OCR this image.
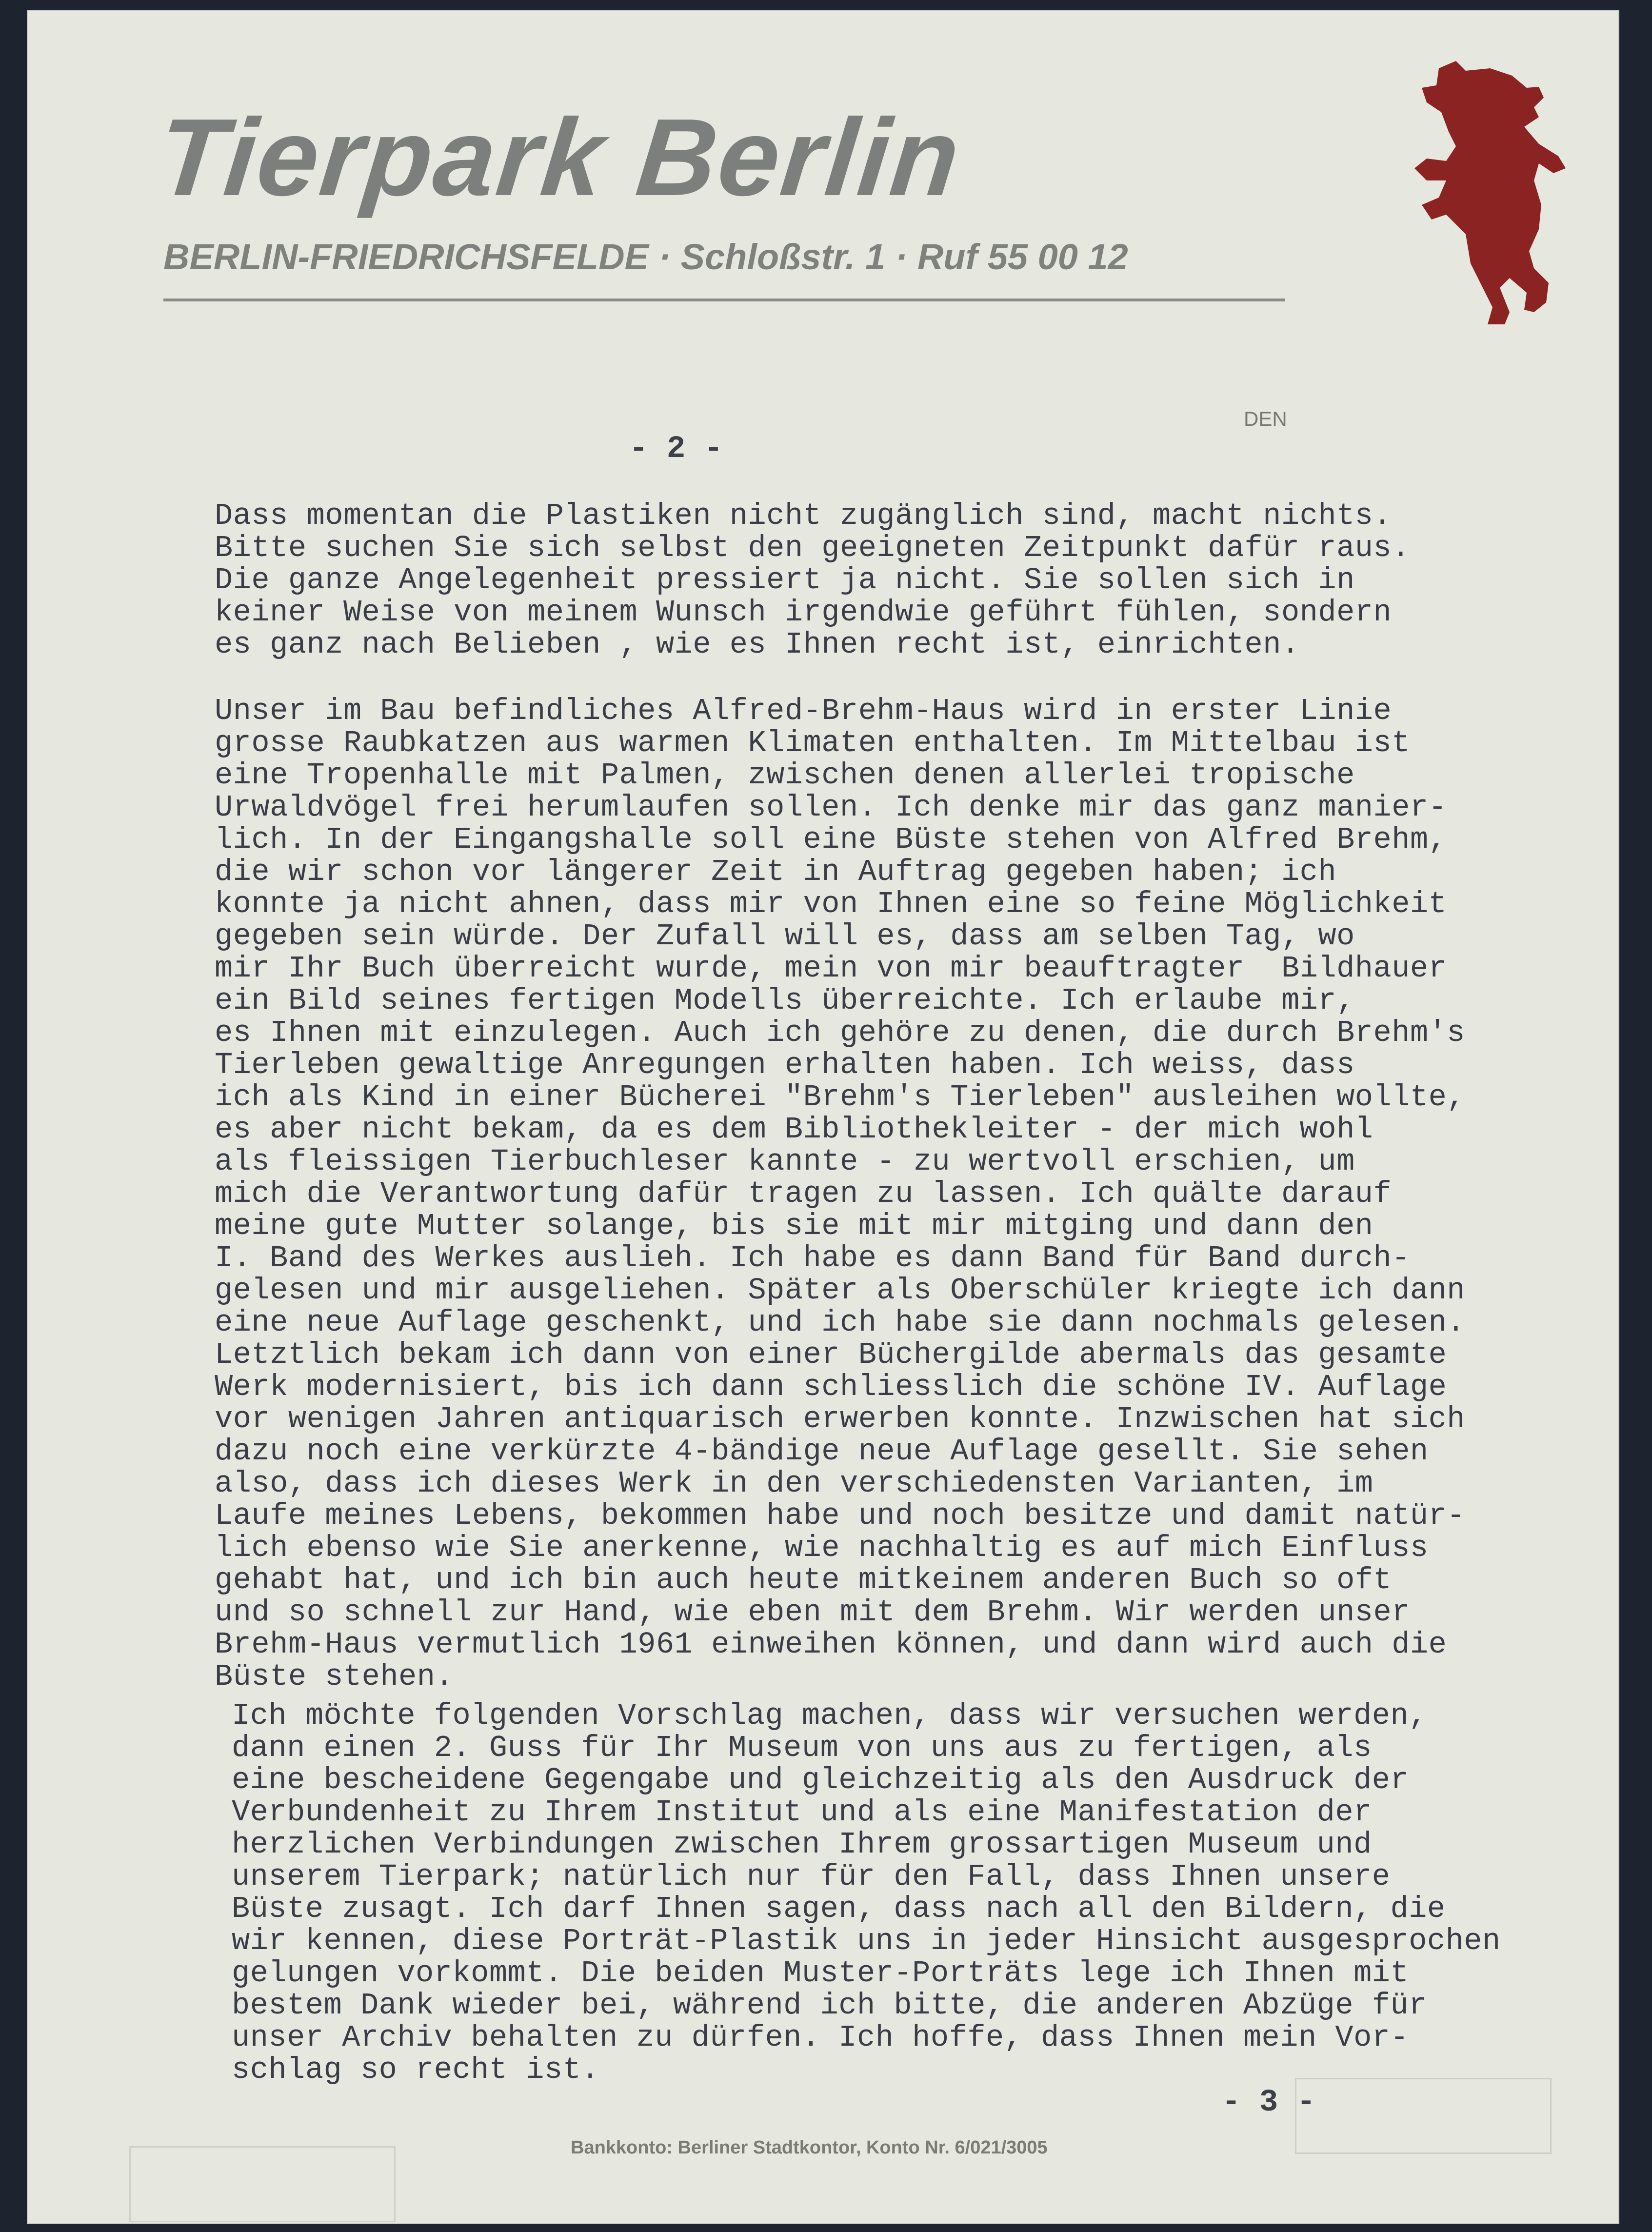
Tierpark Berlin
BERLIN-FRIEDRICHSFELDE · Schloßstr. 1 · Ruf 55 00 12
DEN
- 2 -
Dass momentan die Plastiken nicht zugänglich sind, macht nichts.
Bitte suchen Sie sich selbst den geeigneten Zeitpunkt dafür raus.
Die ganze Angelegenheit pressiert ja nicht. Sie sollen sich in
keiner Weise von meinem Wunsch irgendwie geführt fühlen, sondern
es ganz nach Belieben , wie es Ihnen recht ist, einrichten.
Unser im Bau befindliches Alfred-Brehm-Haus wird in erster Linie
grosse Raubkatzen aus warmen Klimaten enthalten. Im Mittelbau ist
eine Tropenhalle mit Palmen, zwischen denen allerlei tropische
Urwaldvögel frei herumlaufen sollen. Ich denke mir das ganz manier-
lich. In der Eingangshalle soll eine Büste stehen von Alfred Brehm,
die wir schon vor längerer Zeit in Auftrag gegeben haben; ich
konnte ja nicht ahnen, dass mir von Ihnen eine so feine Möglichkeit
gegeben sein würde. Der Zufall will es, dass am selben Tag, wo
mir Ihr Buch überreicht wurde, mein von mir beauftragter  Bildhauer
ein Bild seines fertigen Modells überreichte. Ich erlaube mir,
es Ihnen mit einzulegen. Auch ich gehöre zu denen, die durch Brehm's
Tierleben gewaltige Anregungen erhalten haben. Ich weiss, dass
ich als Kind in einer Bücherei "Brehm's Tierleben" ausleihen wollte,
es aber nicht bekam, da es dem Bibliothekleiter - der mich wohl
als fleissigen Tierbuchleser kannte - zu wertvoll erschien, um
mich die Verantwortung dafür tragen zu lassen. Ich quälte darauf
meine gute Mutter solange, bis sie mit mir mitging und dann den
I. Band des Werkes auslieh. Ich habe es dann Band für Band durch-
gelesen und mir ausgeliehen. Später als Oberschüler kriegte ich dann
eine neue Auflage geschenkt, und ich habe sie dann nochmals gelesen.
Letztlich bekam ich dann von einer Büchergilde abermals das gesamte
Werk modernisiert, bis ich dann schliesslich die schöne IV. Auflage
vor wenigen Jahren antiquarisch erwerben konnte. Inzwischen hat sich
dazu noch eine verkürzte 4-bändige neue Auflage gesellt. Sie sehen
also, dass ich dieses Werk in den verschiedensten Varianten, im
Laufe meines Lebens, bekommen habe und noch besitze und damit natür-
lich ebenso wie Sie anerkenne, wie nachhaltig es auf mich Einfluss
gehabt hat, und ich bin auch heute mitkeinem anderen Buch so oft
und so schnell zur Hand, wie eben mit dem Brehm. Wir werden unser
Brehm-Haus vermutlich 1961 einweihen können, und dann wird auch die
Büste stehen.
Ich möchte folgenden Vorschlag machen, dass wir versuchen werden,
dann einen 2. Guss für Ihr Museum von uns aus zu fertigen, als
eine bescheidene Gegengabe und gleichzeitig als den Ausdruck der
Verbundenheit zu Ihrem Institut und als eine Manifestation der
herzlichen Verbindungen zwischen Ihrem grossartigen Museum und
unserem Tierpark; natürlich nur für den Fall, dass Ihnen unsere
Büste zusagt. Ich darf Ihnen sagen, dass nach all den Bildern, die
wir kennen, diese Porträt-Plastik uns in jeder Hinsicht ausgesprochen
gelungen vorkommt. Die beiden Muster-Porträts lege ich Ihnen mit
bestem Dank wieder bei, während ich bitte, die anderen Abzüge für
unser Archiv behalten zu dürfen. Ich hoffe, dass Ihnen mein Vor-
schlag so recht ist.
- 3 -
Bankkonto: Berliner Stadtkontor, Konto Nr. 6/021/3005
